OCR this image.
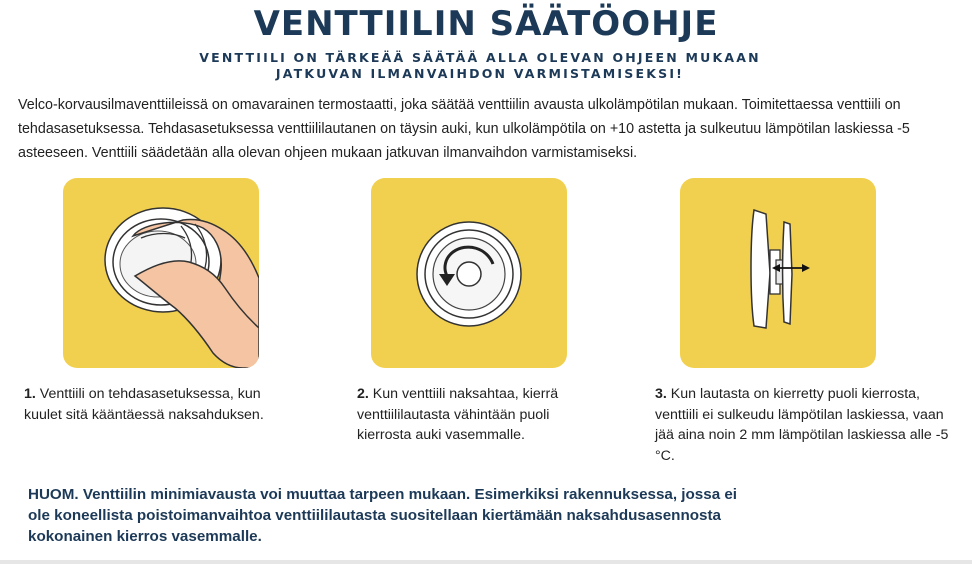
VENTTIILIN SÄÄTÖOHJE
VENTTIILI ON TÄRKEÄÄ SÄÄTÄÄ ALLA OLEVAN OHJEEN MUKAAN
JATKUVAN ILMANVAIHDON VARMISTAMISEKSI!
Velco-korvausilmaventtiileissä on omavarainen termostaatti, joka säätää venttiilin avausta ulkolämpötilan mukaan. Toimitettaessa venttiili on tehdasasetuksessa. Tehdasasetuksessa venttiililautanen on täysin auki, kun ulkolämpötila on +10 astetta ja sulkeutuu lämpötilan laskiessa -5 asteeseen. Venttiili säädetään alla olevan ohjeen mukaan jatkuvan ilmanvaihdon varmistamiseksi.
1. Venttiili on tehdasasetuksessa, kun kuulet sitä kääntäessä naksahduksen.
2. Kun venttiili naksahtaa, kierrä venttiililautasta vähintään puoli kierrosta auki vasemmalle.
3. Kun lautasta on kierretty puoli kierrosta, venttiili ei sulkeudu lämpötilan laskiessa, vaan jää aina noin 2 mm lämpötilan laskiessa alle -5 °C.
HUOM. Venttiilin minimiavausta voi muuttaa tarpeen mukaan. Esimerkiksi rakennuksessa, jossa ei ole koneellista poistoimanvaihtoa venttiililautasta suositellaan kiertämään naksahdusasennosta kokonainen kierros vasemmalle.
